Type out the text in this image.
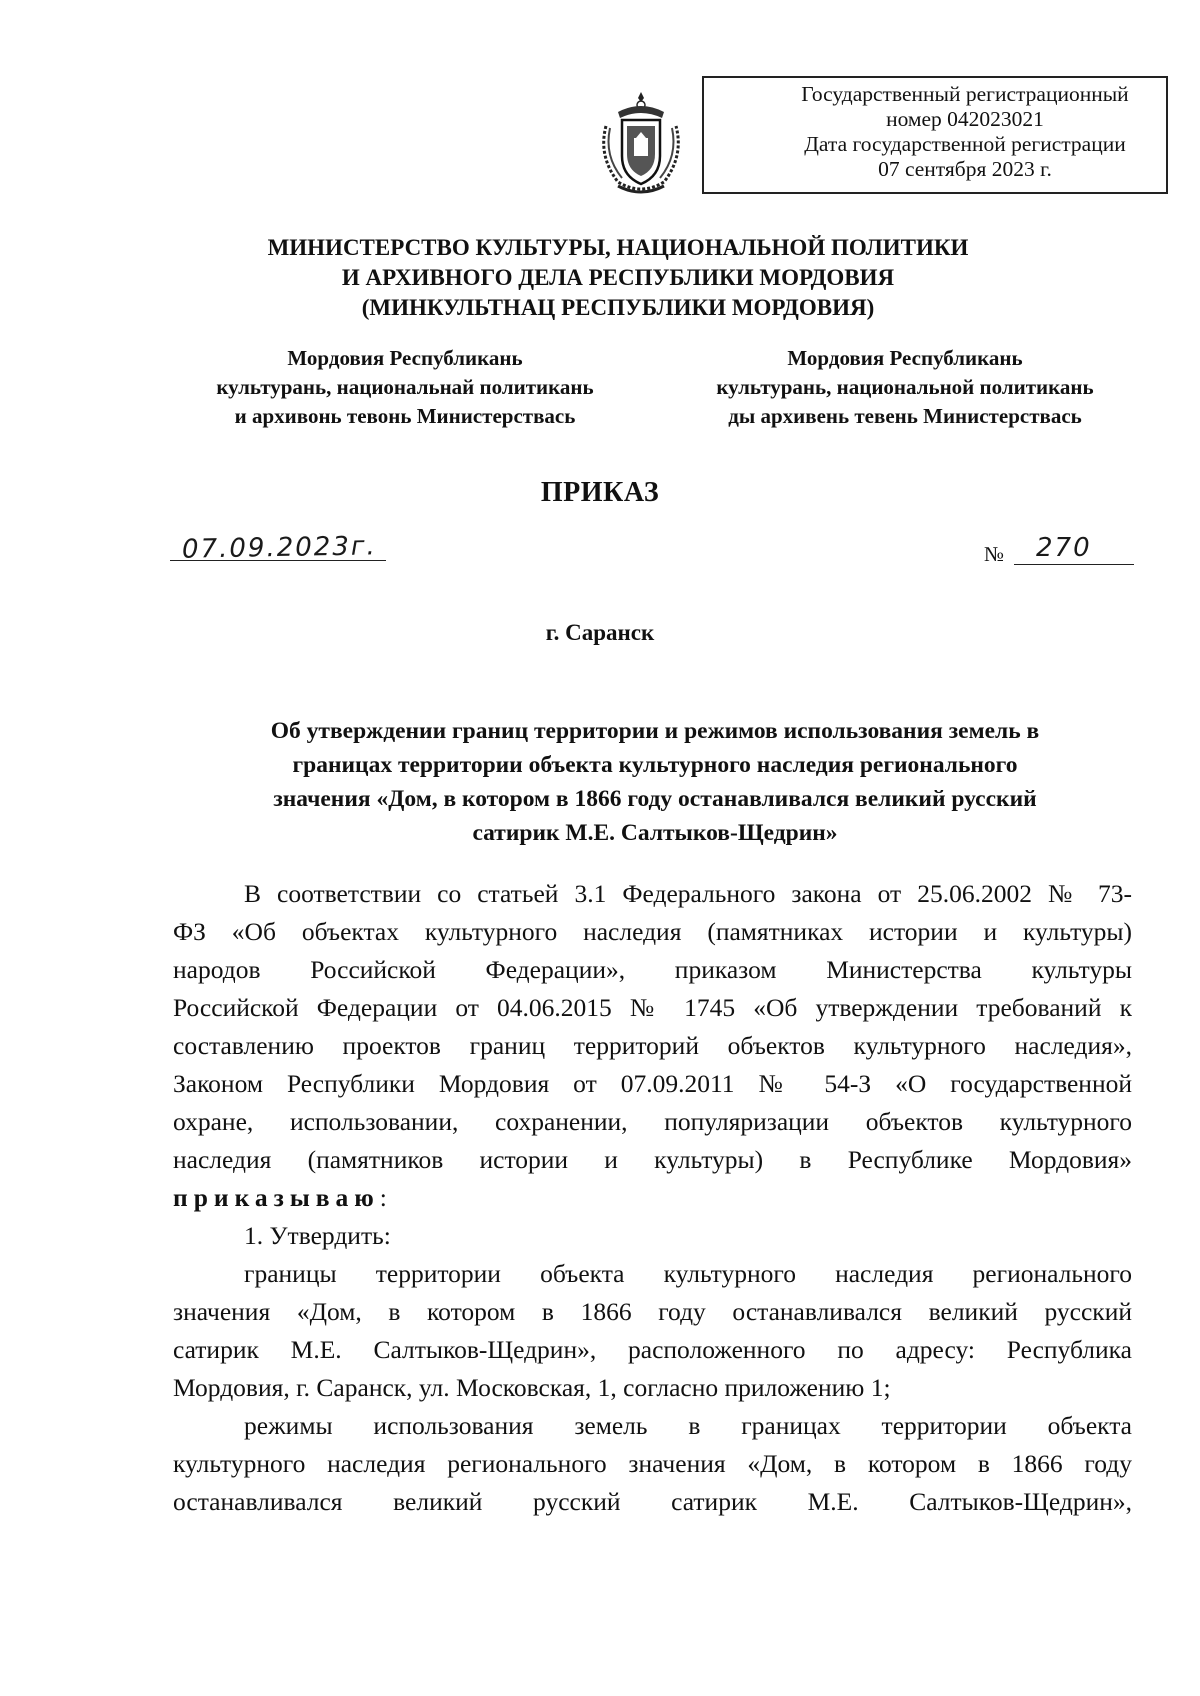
Государственный регистрационный
номер 042023021
Дата государственной регистрации
07 сентября 2023 г.
МИНИСТЕРСТВО КУЛЬТУРЫ, НАЦИОНАЛЬНОЙ ПОЛИТИКИ
И АРХИВНОГО ДЕЛА РЕСПУБЛИКИ МОРДОВИЯ
(МИНКУЛЬТНАЦ РЕСПУБЛИКИ МОРДОВИЯ)
Мордовия Республикань
культурань, национальнай политикань
и архивонь тевонь Министерствась
Мордовия Республикань
культурань, национальной политикань
ды архивень тевень Министерствась
ПРИКАЗ
07.09.2023г.	№ 270
г. Саранск
Об утверждении границ территории и режимов использования земель в
границах территории объекта культурного наследия регионального
значения «Дом, в котором в 1866 году останавливался великий русский
сатирик М.Е. Салтыков-Щедрин»
В соответствии со статьей 3.1 Федерального закона от 25.06.2002 № 73-
ФЗ «Об объектах культурного наследия (памятниках истории и культуры)
народов Российской Федерации», приказом Министерства культуры
Российской Федерации от 04.06.2015 № 1745 «Об утверждении требований к
составлению проектов границ территорий объектов культурного наследия»,
Законом Республики Мордовия от 07.09.2011 № 54-З «О государственной
охране, использовании, сохранении, популяризации объектов культурного
наследия (памятников истории и культуры) в Республике Мордовия»
приказываю:
1. Утвердить:
границы территории объекта культурного наследия регионального
значения «Дом, в котором в 1866 году останавливался великий русский
сатирик М.Е. Салтыков-Щедрин», расположенного по адресу: Республика
Мордовия, г. Саранск, ул. Московская, 1, согласно приложению 1;
режимы использования земель в границах территории объекта
культурного наследия регионального значения «Дом, в котором в 1866 году
останавливался великий русский сатирик М.Е. Салтыков-Щедрин»,
